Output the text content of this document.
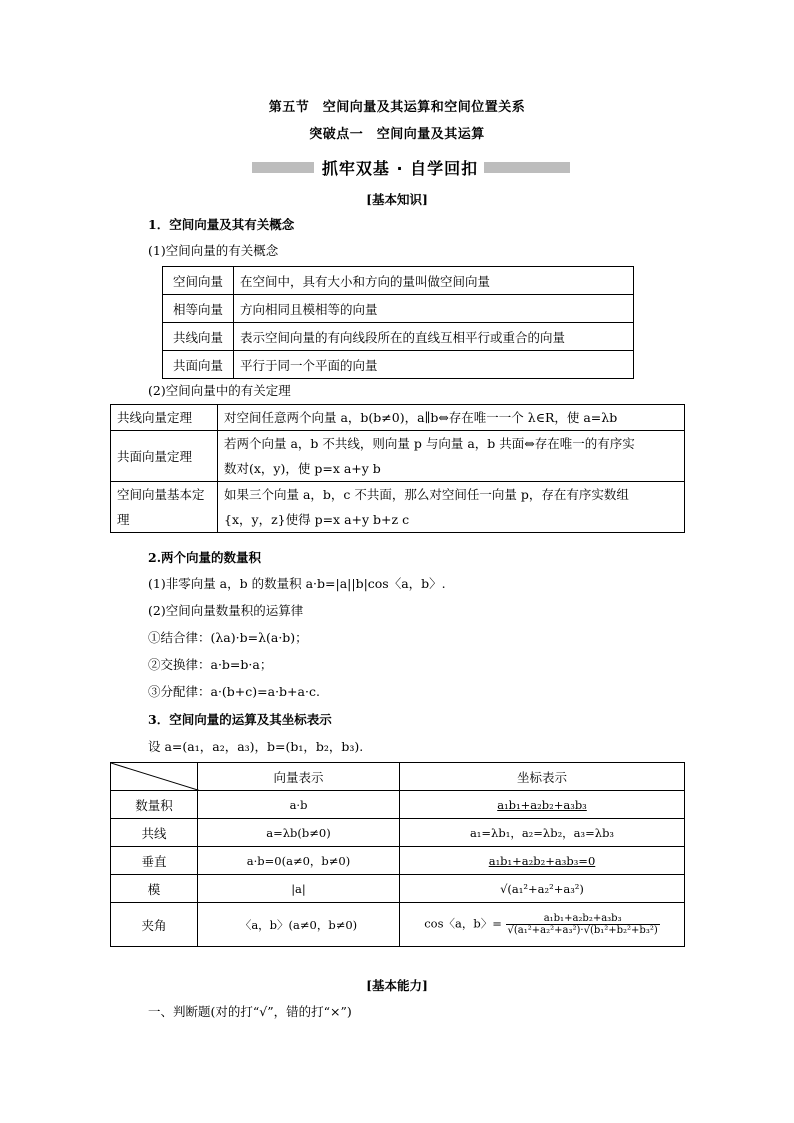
第五节　空间向量及其运算和空间位置关系
突破点一　空间向量及其运算
抓牢双基 · 自学回扣
[基本知识]
1．空间向量及其有关概念
(1)空间向量的有关概念
空间向量	在空间中，具有大小和方向的量叫做空间向量
相等向量	方向相同且模相等的向量
共线向量	表示空间向量的有向线段所在的直线互相平行或重合的向量
共面向量	平行于同一个平面的向量
(2)空间向量中的有关定理
共线向量定理	对空间任意两个向量 a，b(b≠0)，a∥b⇔存在唯一一个 λ∈R，使 a=λb

共面向量定理	若两个向量 a，b 不共线，则向量 p 与向量 a，b 共面⇔存在唯一的有序实
数对(x，y)，使 p=x a+y b

空间向量基本定理	如果三个向量 a，b，c 不共面，那么对空间任一向量 p，存在有序实数组
{x，y，z}使得 p=x a+y b+z c
2.两个向量的数量积
(1)非零向量 a，b 的数量积 a·b=|a||b|cos〈a，b〉.
(2)空间向量数量积的运算律
①结合律：(λa)·b=λ(a·b)；
②交换律：a·b=b·a；
③分配律：a·(b+c)=a·b+a·c.
3．空间向量的运算及其坐标表示
设 a=(a₁，a₂，a₃)，b=(b₁，b₂，b₃).
	向量表示	坐标表示
数量积	a·b	a₁b₁+a₂b₂+a₃b₃
共线	a=λb(b≠0)	a₁=λb₁，a₂=λb₂，a₃=λb₃
垂直	a·b=0(a≠0，b≠0)	a₁b₁+a₂b₂+a₃b₃=0
模	|a|	√(a₁²+a₂²+a₃²)
夹角	〈a，b〉(a≠0，b≠0)	cos〈a，b〉= $\frac{\text{a₁b₁+a₂b₂+a₃b₃}}{\text{√(a₁²+a₂²+a₃²)·√(b₁²+b₂²+b₃²)}}$
[基本能力]
一、判断题(对的打“√”，错的打“×”)
